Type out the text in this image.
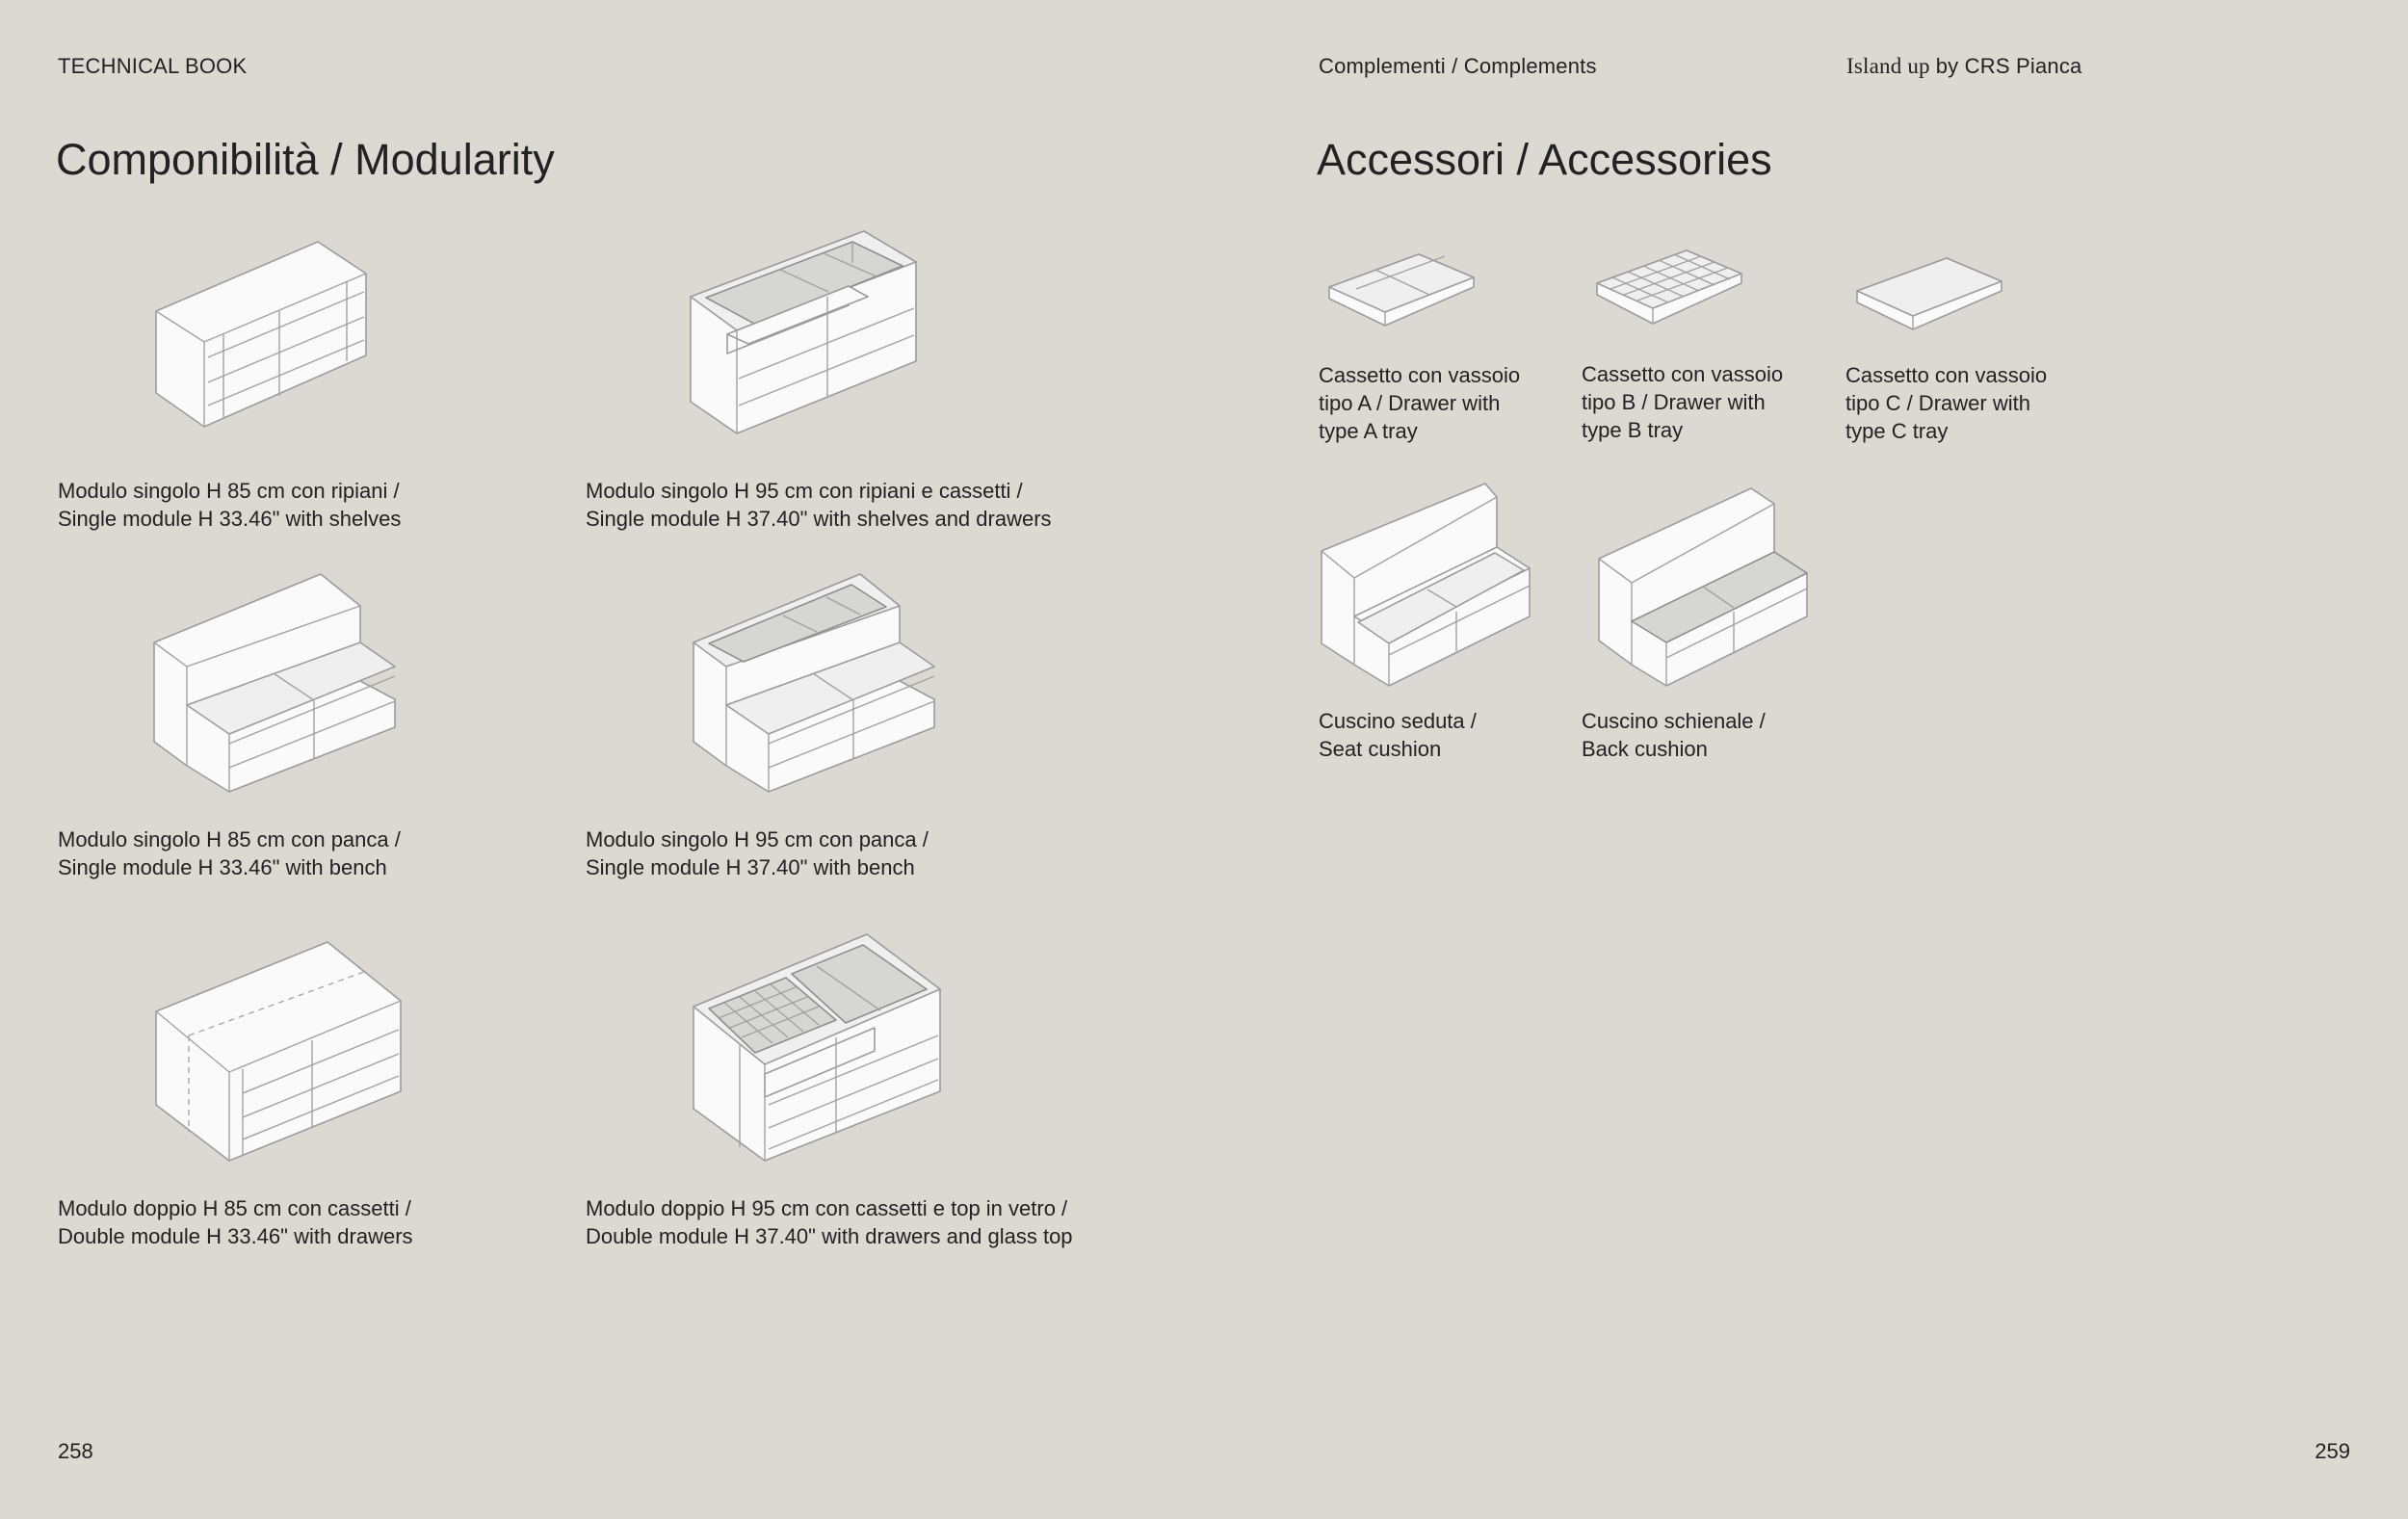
TECHNICAL BOOK	Complementi / Complements	Island up by CRS Pianca
Componibilità / Modularity	Accessori / Accessories
Modulo singolo H 85 cm con ripiani /
Single module H 33.46" with shelves
Modulo singolo H 95 cm con ripiani e cassetti /
Single module H 37.40" with shelves and drawers
Modulo singolo H 85 cm con panca /
Single module H 33.46" with bench
Modulo singolo H 95 cm con panca /
Single module H 37.40" with bench
Modulo doppio H 85 cm con cassetti /
Double module H 33.46" with drawers
Modulo doppio H 95 cm con cassetti e top in vetro /
Double module H 37.40" with drawers and glass top
Cassetto con vassoio
tipo A / Drawer with
type A tray
Cassetto con vassoio
tipo B / Drawer with
type B tray
Cassetto con vassoio
tipo C / Drawer with
type C tray
Cuscino seduta /
Seat cushion
Cuscino schienale /
Back cushion
258	259
